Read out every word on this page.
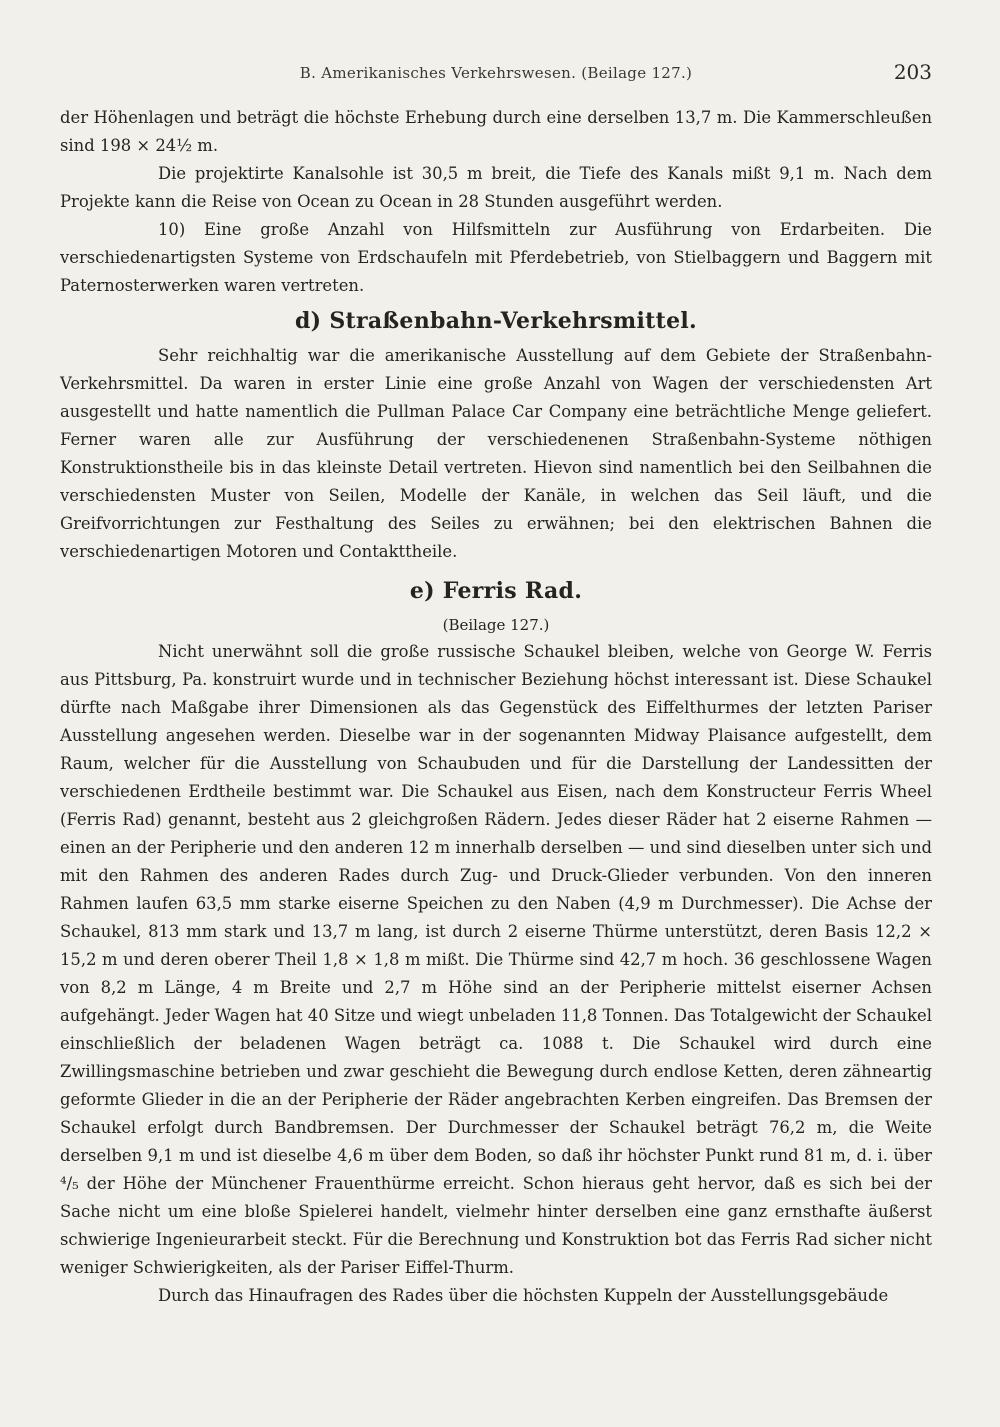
B. Amerikanisches Verkehrswesen. (Beilage 127.)	203

der Höhenlagen und beträgt die höchste Erhebung durch eine derselben 13,7 m. Die Kammerschleußen sind 198 × 24½ m.

Die projektirte Kanalsohle ist 30,5 m breit, die Tiefe des Kanals mißt 9,1 m. Nach dem Projekte kann die Reise von Ocean zu Ocean in 28 Stunden ausgeführt werden.

10) Eine große Anzahl von Hilfsmitteln zur Ausführung von Erdarbeiten. Die verschiedenartigsten Systeme von Erdschaufeln mit Pferdebetrieb, von Stielbaggern und Baggern mit Paternosterwerken waren vertreten.

d) Straßenbahn-Verkehrsmittel.

Sehr reichhaltig war die amerikanische Ausstellung auf dem Gebiete der Straßenbahn-Verkehrsmittel. Da waren in erster Linie eine große Anzahl von Wagen der verschiedensten Art ausgestellt und hatte namentlich die Pullman Palace Car Company eine beträchtliche Menge geliefert. Ferner waren alle zur Ausführung der verschiedenenen Straßenbahn-Systeme nöthigen Konstruktionstheile bis in das kleinste Detail vertreten. Hievon sind namentlich bei den Seilbahnen die verschiedensten Muster von Seilen, Modelle der Kanäle, in welchen das Seil läuft, und die Greifvorrichtungen zur Festhaltung des Seiles zu erwähnen; bei den elektrischen Bahnen die verschiedenartigen Motoren und Contakttheile.

e) Ferris Rad.
(Beilage 127.)

Nicht unerwähnt soll die große russische Schaukel bleiben, welche von George W. Ferris aus Pittsburg, Pa. konstruirt wurde und in technischer Beziehung höchst interessant ist. Diese Schaukel dürfte nach Maßgabe ihrer Dimensionen als das Gegenstück des Eiffelthurmes der letzten Pariser Ausstellung angesehen werden. Dieselbe war in der sogenannten Midway Plaisance aufgestellt, dem Raum, welcher für die Ausstellung von Schaubuden und für die Darstellung der Landessitten der verschiedenen Erdtheile bestimmt war. Die Schaukel aus Eisen, nach dem Konstructeur Ferris Wheel (Ferris Rad) genannt, besteht aus 2 gleichgroßen Rädern. Jedes dieser Räder hat 2 eiserne Rahmen — einen an der Peripherie und den anderen 12 m innerhalb derselben — und sind dieselben unter sich und mit den Rahmen des anderen Rades durch Zug- und Druck-Glieder verbunden. Von den inneren Rahmen laufen 63,5 mm starke eiserne Speichen zu den Naben (4,9 m Durchmesser). Die Achse der Schaukel, 813 mm stark und 13,7 m lang, ist durch 2 eiserne Thürme unterstützt, deren Basis 12,2 × 15,2 m und deren oberer Theil 1,8 × 1,8 m mißt. Die Thürme sind 42,7 m hoch. 36 geschlossene Wagen von 8,2 m Länge, 4 m Breite und 2,7 m Höhe sind an der Peripherie mittelst eiserner Achsen aufgehängt. Jeder Wagen hat 40 Sitze und wiegt unbeladen 11,8 Tonnen. Das Totalgewicht der Schaukel einschließlich der beladenen Wagen beträgt ca. 1088 t. Die Schaukel wird durch eine Zwillingsmaschine betrieben und zwar geschieht die Bewegung durch endlose Ketten, deren zähneartig geformte Glieder in die an der Peripherie der Räder angebrachten Kerben eingreifen. Das Bremsen der Schaukel erfolgt durch Bandbremsen. Der Durchmesser der Schaukel beträgt 76,2 m, die Weite derselben 9,1 m und ist dieselbe 4,6 m über dem Boden, so daß ihr höchster Punkt rund 81 m, d. i. über ⁴/₅ der Höhe der Münchener Frauenthürme erreicht. Schon hieraus geht hervor, daß es sich bei der Sache nicht um eine bloße Spielerei handelt, vielmehr hinter derselben eine ganz ernsthafte äußerst schwierige Ingenieurarbeit steckt. Für die Berechnung und Konstruktion bot das Ferris Rad sicher nicht weniger Schwierigkeiten, als der Pariser Eiffel-Thurm.

Durch das Hinaufragen des Rades über die höchsten Kuppeln der Ausstellungsgebäude
